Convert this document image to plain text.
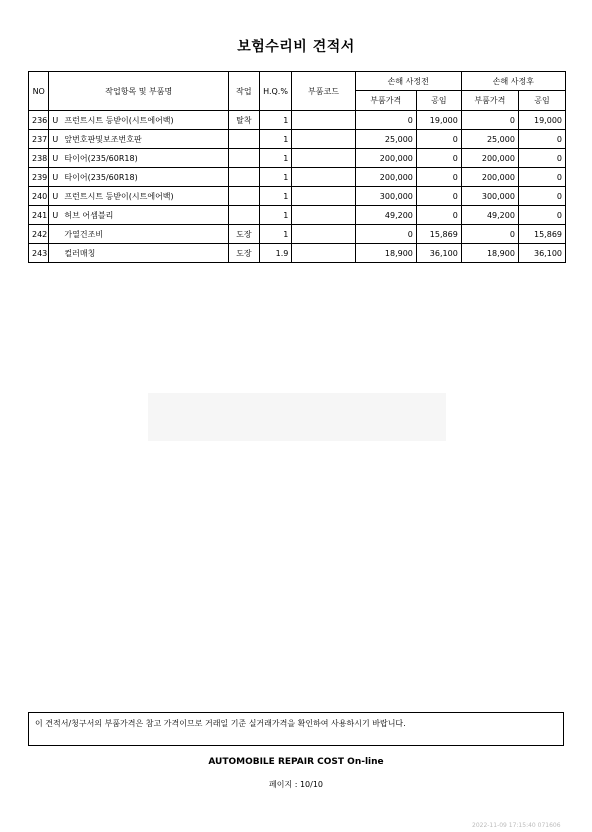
보험수리비 견적서
NO	작업항목 및 부품명	작업	H.Q.%	부품코드	손해 사정전		손해 사정후	
					부품가격	공임	부품가격	공임
236	U 프런트시트 등받이(시트에어백)	탈착	1		0	19,000	0	19,000
237	U 앞번호판및보조번호판		1		25,000	0	25,000	0
238	U 타이어(235/60R18)		1		200,000	0	200,000	0
239	U 타이어(235/60R18)		1		200,000	0	200,000	0
240	U 프런트시트 등받이(시트에어백)		1		300,000	0	300,000	0
241	U 허브 어셈블리		1		49,200	0	49,200	0
242	가열건조비	도장	1		0	15,869	0	15,869
243	컬러매칭	도장	1.9		18,900	36,100	18,900	36,100
이 견적서/청구서의 부품가격은 참고 가격이므로 거래일 기준 실거래가격을 확인하여 사용하시기 바랍니다.
AUTOMOBILE REPAIR COST On-line
페이지 : 10/10
2022-11-09 17:15:40 071606
